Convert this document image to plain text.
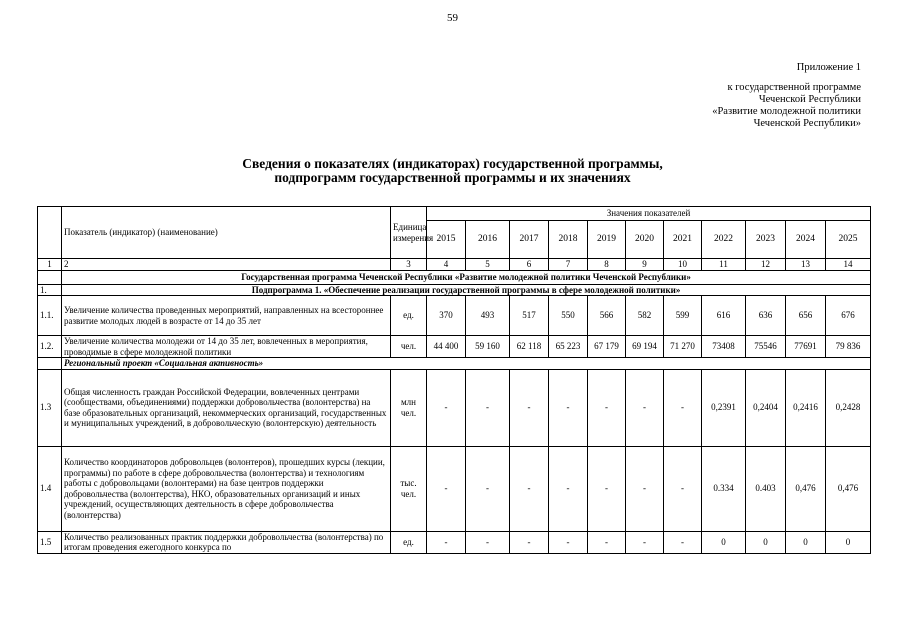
59
Приложение 1
к государственной программе
Чеченской Республики
«Развитие молодежной политики
Чеченской Республики»
Сведения о показателях (индикаторах) государственной программы,
подпрограмм государственной программы и их значениях
	Показатель (индикатор) (наименование)	Единица измерения	Значения показателей										
			2015	2016	2017	2018	2019	2020	2021	2022	2023	2024	2025
1	2	3	4	5	6	7	8	9	10	11	12	13	14
	Государственная программа Чеченской Республики «Развитие молодежной политики Чеченской Республики»												
1.	Подпрограмма 1. «Обеспечение реализации государственной программы в сфере молодежной политики»												
1.1.	Увеличение количества проведенных мероприятий, направленных на всестороннее развитие молодых людей в возрасте от 14 до 35 лет	ед.	370	493	517	550	566	582	599	616	636	656	676
1.2.	Увеличение количества молодежи от 14 до 35 лет, вовлеченных в мероприятия, проводимые в сфере молодежной политики	чел.	44 400	59 160	62 118	65 223	67 179	69 194	71 270	73408	75546	77691	79 836
	Региональный проект «Социальная активность»												
1.3	Общая численность граждан Российской Федерации, вовлеченных центрами (сообществами, объединениями) поддержки добровольчества (волонтерства) на базе образовательных организаций, некоммерческих организаций, государственных и муниципальных учреждений, в добровольческую (волонтерскую) деятельность	млн чел.	-	-	-	-	-	-	-	0,2391	0,2404	0,2416	0,2428
1.4	Количество координаторов добровольцев (волонтеров), прошедших курсы (лекции, программы) по работе в сфере добровольчества (волонтерства) и технологиям работы с добровольцами (волонтерами) на базе центров поддержки добровольчества (волонтерства), НКО, образовательных организаций и иных учреждений, осуществляющих деятельность в сфере добровольчества (волонтерства)	тыс. чел.	-	-	-	-	-	-	-	0.334	0.403	0,476	0,476
1.5	Количество реализованных практик поддержки добровольчества (волонтерства) по итогам проведения ежегодного конкурса по	ед.	-	-	-	-	-	-	-	0	0	0	0
